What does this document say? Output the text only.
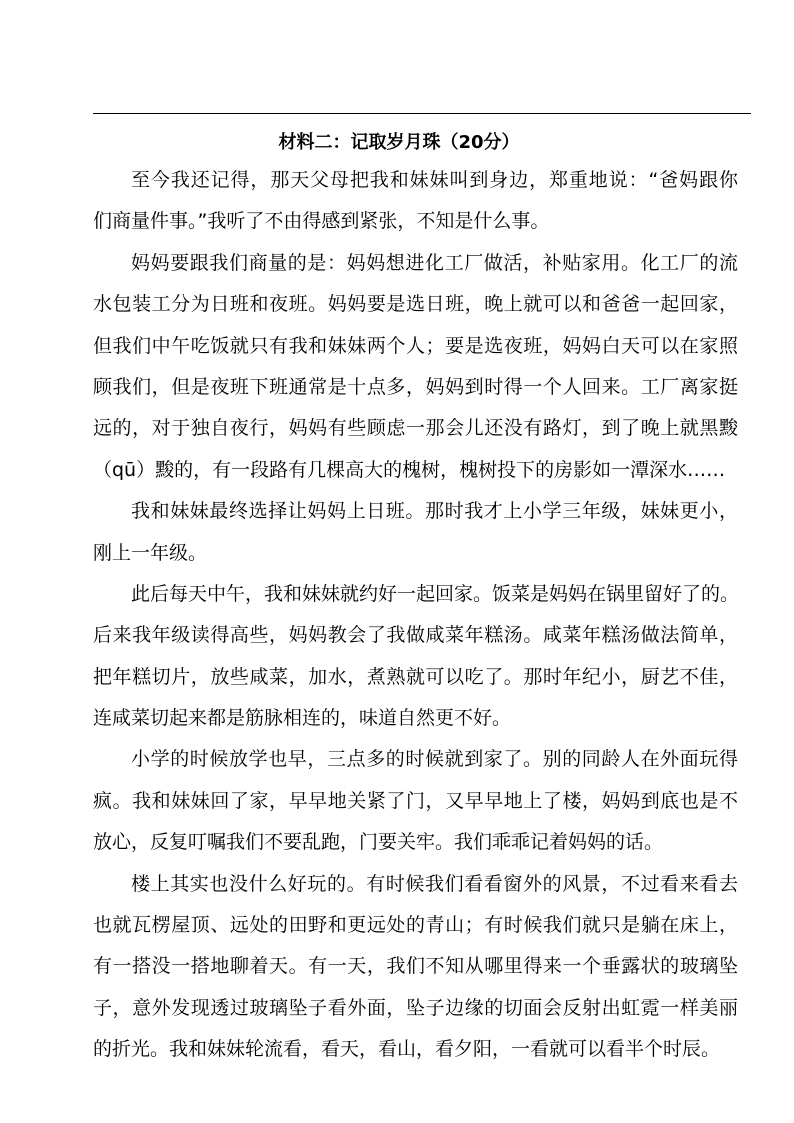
材料二：记取岁月珠（20分）
至今我还记得，那天父母把我和妹妹叫到身边，郑重地说：“爸妈跟你
们商量件事。”我听了不由得感到紧张，不知是什么事。
妈妈要跟我们商量的是：妈妈想进化工厂做活，补贴家用。化工厂的流
水包装工分为日班和夜班。妈妈要是选日班，晚上就可以和爸爸一起回家，
但我们中午吃饭就只有我和妹妹两个人；要是选夜班，妈妈白天可以在家照
顾我们，但是夜班下班通常是十点多，妈妈到时得一个人回来。工厂离家挺
远的，对于独自夜行，妈妈有些顾虑一那会儿还没有路灯，到了晚上就黑黢
（qū）黢的，有一段路有几棵高大的槐树，槐树投下的房影如一潭深水……
我和妹妹最终选择让妈妈上日班。那时我才上小学三年级，妹妹更小，
刚上一年级。
此后每天中午，我和妹妹就约好一起回家。饭菜是妈妈在锅里留好了的。
后来我年级读得高些，妈妈教会了我做咸菜年糕汤。咸菜年糕汤做法简单，
把年糕切片，放些咸菜，加水，煮熟就可以吃了。那时年纪小，厨艺不佳，
连咸菜切起来都是筋脉相连的，味道自然更不好。
小学的时候放学也早，三点多的时候就到家了。别的同龄人在外面玩得
疯。我和妹妹回了家，早早地关紧了门，又早早地上了楼，妈妈到底也是不
放心，反复叮嘱我们不要乱跑，门要关牢。我们乖乖记着妈妈的话。
楼上其实也没什么好玩的。有时候我们看看窗外的风景，不过看来看去
也就瓦楞屋顶、远处的田野和更远处的青山；有时候我们就只是躺在床上，
有一搭没一搭地聊着天。有一天，我们不知从哪里得来一个垂露状的玻璃坠
子，意外发现透过玻璃坠子看外面，坠子边缘的切面会反射出虹霓一样美丽
的折光。我和妹妹轮流看，看天，看山，看夕阳，一看就可以看半个时辰。
